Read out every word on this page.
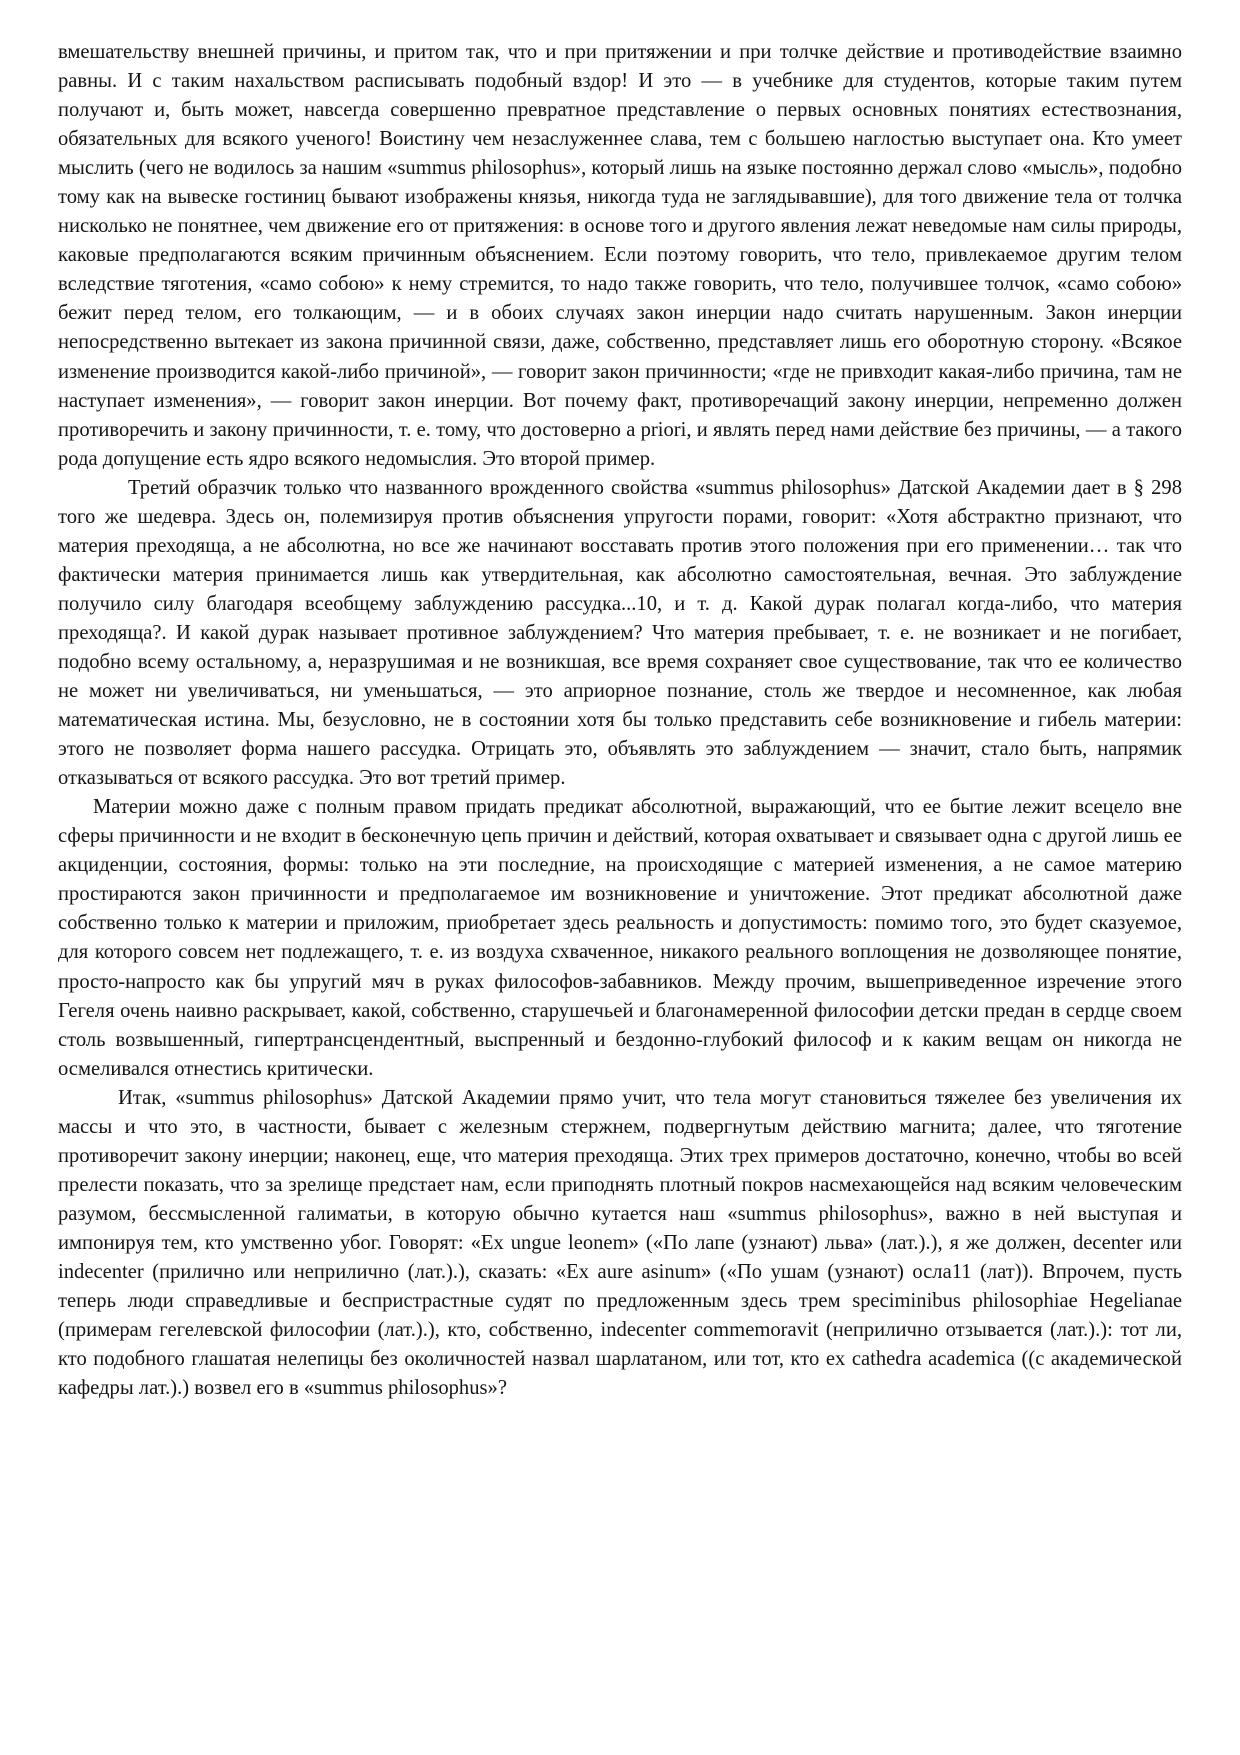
вмешательству внешней причины, и притом так, что и при притяжении и при толчке действие и противодействие взаимно равны. И с таким нахальством расписывать подобный вздор! И это — в учебнике для студентов, которые таким путем получают и, быть может, навсегда совершенно превратное представление о первых основных понятиях естествознания, обязательных для всякого ученого! Воистину чем незаслуженнее слава, тем с большею наглостью выступает она. Кто умеет мыслить (чего не водилось за нашим «summus philosophus», который лишь на языке постоянно держал слово «мысль», подобно тому как на вывеске гостиниц бывают изображены князья, никогда туда не заглядывавшие), для того движение тела от толчка нисколько не понятнее, чем движение его от притяжения: в основе того и другого явления лежат неведомые нам силы природы, каковые предполагаются всяким причинным объяснением. Если поэтому говорить, что тело, привлекаемое другим телом вследствие тяготения, «само собою» к нему стремится, то надо также говорить, что тело, получившее толчок, «само собою» бежит перед телом, его толкающим, — и в обоих случаях закон инерции надо считать нарушенным. Закон инерции непосредственно вытекает из закона причинной связи, даже, собственно, представляет лишь его оборотную сторону. «Всякое изменение производится какой-либо причиной», — говорит закон причинности; «где не привходит какая-либо причина, там не наступает изменения», — говорит закон инерции. Вот почему факт, противоречащий закону инерции, непременно должен противоречить и закону причинности, т. е. тому, что достоверно a priori, и являть перед нами действие без причины, — а такого рода допущение есть ядро всякого недомыслия. Это второй пример.

Третий образчик только что названного врожденного свойства «summus philosophus» Датской Академии дает в § 298 того же шедевра. Здесь он, полемизируя против объяснения упругости порами, говорит: «Хотя абстрактно признают, что материя преходяща, а не абсолютна, но все же начинают восставать против этого положения при его применении… так что фактически материя принимается лишь как утвердительная, как абсолютно самостоятельная, вечная. Это заблуждение получило силу благодаря всеобщему заблуждению рассудка...10, и т. д. Какой дурак полагал когда-либо, что материя преходяща?. И какой дурак называет противное заблуждением? Что материя пребывает, т. е. не возникает и не погибает, подобно всему остальному, а, неразрушимая и не возникшая, все время сохраняет свое существование, так что ее количество не может ни увеличиваться, ни уменьшаться, — это априорное познание, столь же твердое и несомненное, как любая математическая истина. Мы, безусловно, не в состоянии хотя бы только представить себе возникновение и гибель материи: этого не позволяет форма нашего рассудка. Отрицать это, объявлять это заблуждением — значит, стало быть, напрямик отказываться от всякого рассудка. Это вот третий пример.

Материи можно даже с полным правом придать предикат абсолютной, выражающий, что ее бытие лежит всецело вне сферы причинности и не входит в бесконечную цепь причин и действий, которая охватывает и связывает одна с другой лишь ее акциденции, состояния, формы: только на эти последние, на происходящие с материей изменения, а не самое материю простираются закон причинности и предполагаемое им возникновение и уничтожение. Этот предикат абсолютной даже собственно только к материи и приложим, приобретает здесь реальность и допустимость: помимо того, это будет сказуемое, для которого совсем нет подлежащего, т. е. из воздуха схваченное, никакого реального воплощения не дозволяющее понятие, просто-напросто как бы упругий мяч в руках философов-забавников. Между прочим, вышеприведенное изречение этого Гегеля очень наивно раскрывает, какой, собственно, старушечьей и благонамеренной философии детски предан в сердце своем столь возвышенный, гипертрансцендентный, выспренный и бездонно-глубокий философ и к каким вещам он никогда не осмеливался отнестись критически.

Итак, «summus philosophus» Датской Академии прямо учит, что тела могут становиться тяжелее без увеличения их массы и что это, в частности, бывает с железным стержнем, подвергнутым действию магнита; далее, что тяготение противоречит закону инерции; наконец, еще, что материя преходяща. Этих трех примеров достаточно, конечно, чтобы во всей прелести показать, что за зрелище предстает нам, если приподнять плотный покров насмехающейся над всяким человеческим разумом, бессмысленной галиматьи, в которую обычно кутается наш «summus philosophus», важно в ней выступая и импонируя тем, кто умственно убог. Говорят: «Ex ungue leonem» («По лапе (узнают) льва» (лат.).), я же должен, decenter или indecenter (прилично или неприлично (лат.).), сказать: «Ex aure asinum» («По ушам (узнают) осла11 (лат)). Впрочем, пусть теперь люди справедливые и беспристрастные судят по предложенным здесь трем speciminibus philosophiae Hegelianae (примерам гегелевской философии (лат.).), кто, собственно, indecenter commemoravit (неприлично отзывается (лат.).): тот ли, кто подобного глашатая нелепицы без околичностей назвал шарлатаном, или тот, кто ex cathedra academica ((с академической кафедры лат.).) возвел его в «summus philosophus»?
